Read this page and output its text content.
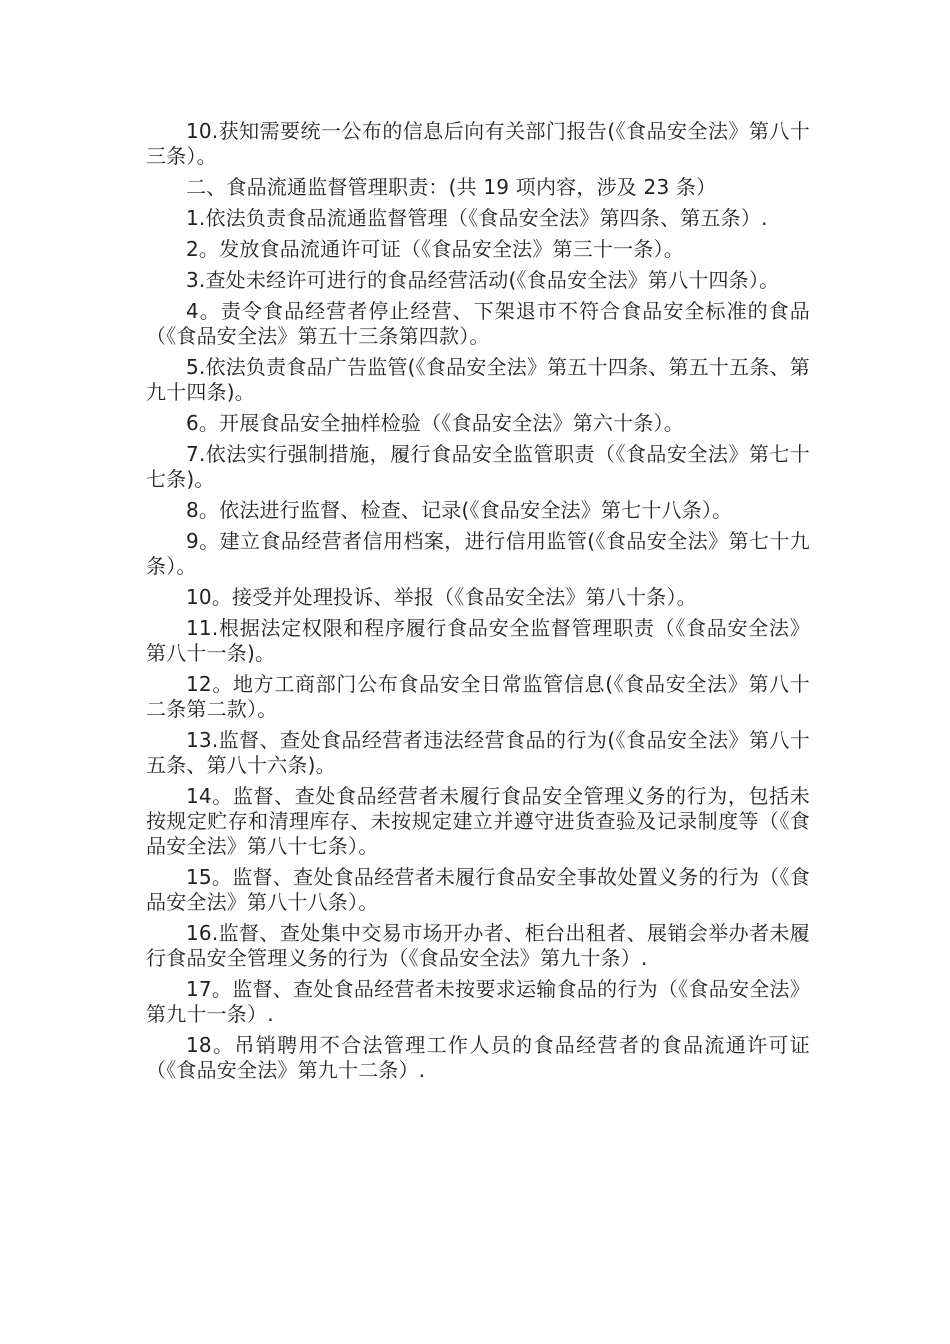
10.获知需要统一公布的信息后向有关部门报告(《食品安全法》第八十三条）。

二、食品流通监督管理职责：(共 19 项内容，涉及 23 条）

1.依法负责食品流通监督管理（《食品安全法》第四条、第五条）.

2。发放食品流通许可证（《食品安全法》第三十一条）。

3.查处未经许可进行的食品经营活动(《食品安全法》第八十四条）。

4。责令食品经营者停止经营、下架退市不符合食品安全标准的食品（《食品安全法》第五十三条第四款）。

5.依法负责食品广告监管(《食品安全法》第五十四条、第五十五条、第九十四条)。

6。开展食品安全抽样检验（《食品安全法》第六十条）。

7.依法实行强制措施，履行食品安全监管职责（《食品安全法》第七十七条)。

8。依法进行监督、检查、记录(《食品安全法》第七十八条）。

9。建立食品经营者信用档案，进行信用监管(《食品安全法》第七十九条）。

10。接受并处理投诉、举报（《食品安全法》第八十条）。

11.根据法定权限和程序履行食品安全监督管理职责（《食品安全法》第八十一条)。

12。地方工商部门公布食品安全日常监管信息(《食品安全法》第八十二条第二款）。

13.监督、查处食品经营者违法经营食品的行为(《食品安全法》第八十五条、第八十六条)。

14。监督、查处食品经营者未履行食品安全管理义务的行为，包括未按规定贮存和清理库存、未按规定建立并遵守进货查验及记录制度等（《食品安全法》第八十七条）。

15。监督、查处食品经营者未履行食品安全事故处置义务的行为（《食品安全法》第八十八条）。

16.监督、查处集中交易市场开办者、柜台出租者、展销会举办者未履行食品安全管理义务的行为（《食品安全法》第九十条）.

17。监督、查处食品经营者未按要求运输食品的行为（《食品安全法》第九十一条）.

18。吊销聘用不合法管理工作人员的食品经营者的食品流通许可证（《食品安全法》第九十二条）.
